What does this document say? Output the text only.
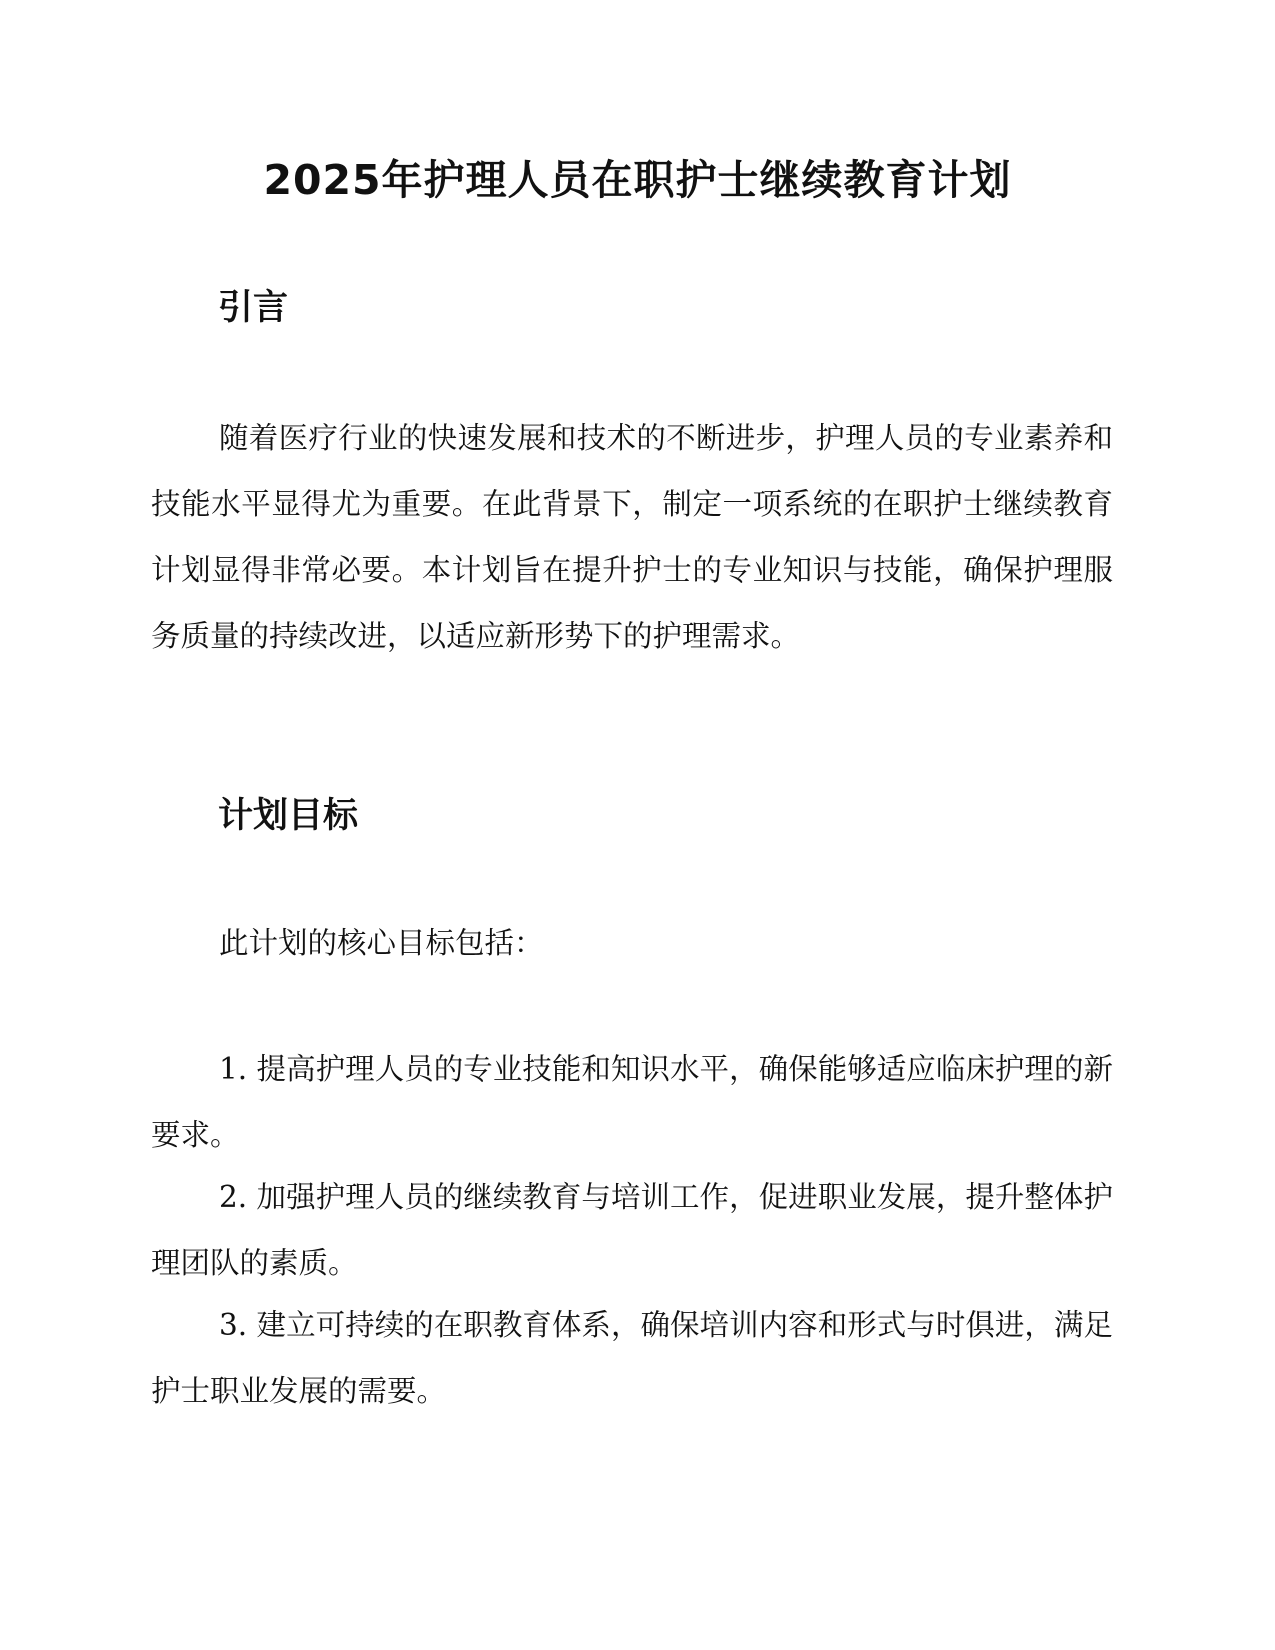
2025年护理人员在职护士继续教育计划
引言

随着医疗行业的快速发展和技术的不断进步，护理人员的专业素养和技能水平显得尤为重要。在此背景下，制定一项系统的在职护士继续教育计划显得非常必要。本计划旨在提升护士的专业知识与技能，确保护理服务质量的持续改进，以适应新形势下的护理需求。

计划目标

此计划的核心目标包括：

1. 提高护理人员的专业技能和知识水平，确保能够适应临床护理的新要求。

2. 加强护理人员的继续教育与培训工作，促进职业发展，提升整体护理团队的素质。

3. 建立可持续的在职教育体系，确保培训内容和形式与时俱进，满足护士职业发展的需要。
